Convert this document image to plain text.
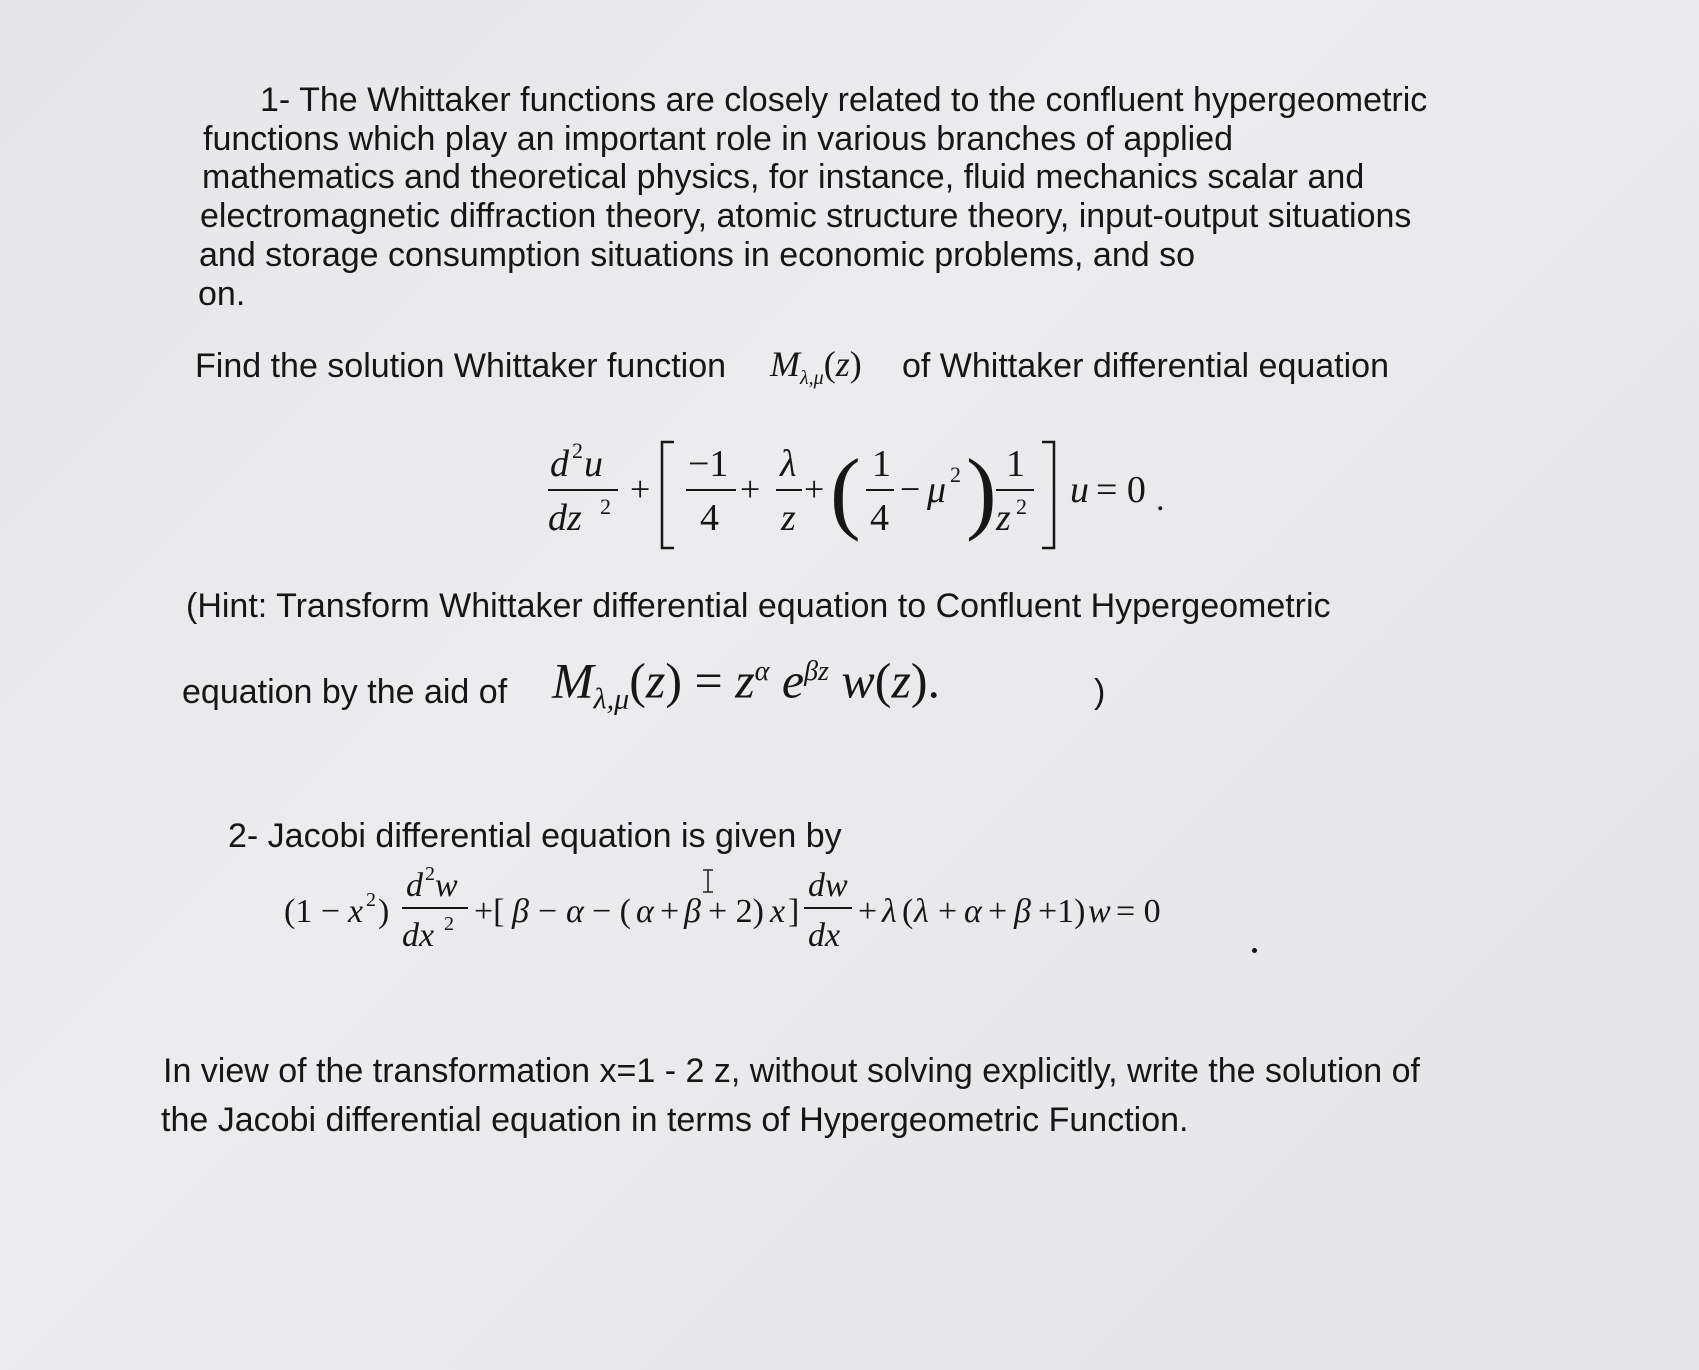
1- The Whittaker functions are closely related to the confluent hypergeometric
functions which play an important role in various branches of applied
mathematics and theoretical physics, for instance, fluid mechanics scalar and
electromagnetic diffraction theory, atomic structure theory, input-output situations
and storage consumption situations in economic problems, and so
on.
Find the solution Whittaker function $M_{\lambda,\mu}(z)$ of Whittaker differential equation
d 2 u
dz 2 +
−1
4
+
λ
z
+ ( 1
4
− μ 2 ) 1
z 2 u = 0 .
(Hint: Transform Whittaker differential equation to Confluent Hypergeometric
equation by the aid of $M_{\lambda,\mu}(z) = z^\alpha$ $e^{\beta z}$ w(z).	)
2- Jacobi differential equation is given by
(1 − x 2 )
d 2 w
dx 2 +[ β − α − ( α + β + 2) x ]
dw
dx
+ λ ( λ + α + β +1) w = 0
In view of the transformation x=1 - 2 z, without solving explicitly, write the solution of
the Jacobi differential equation in terms of Hypergeometric Function.
